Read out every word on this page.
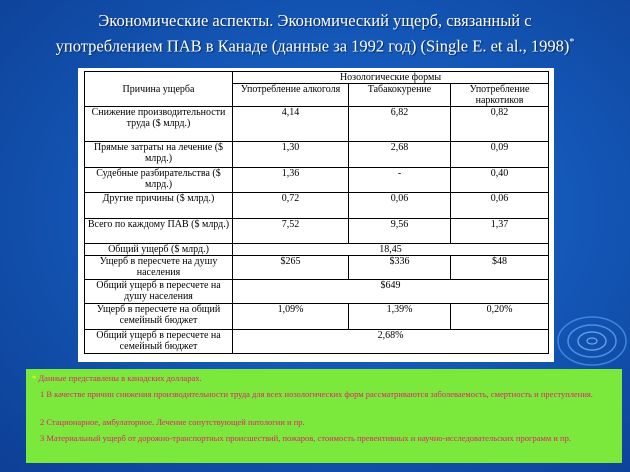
Экономические аспекты. Экономический ущерб, связанный с
употреблением ПАВ в Канаде (данные за 1992 год) (Single E. et al., 1998)*
Причина ущерба	Нозологические формы		
	Употребление алкоголя	Табакокурение	Употребление наркотиков
Снижение производительности труда ($ млрд.)	4,14	6,82	0,82
Прямые затраты на лечение ($ млрд.)	1,30	2,68	0,09
Судебные разбирательства ($ млрд.)	1,36	-	0,40
Другие причины ($ млрд.)	0,72	0,06	0,06
Всего по каждому ПАВ ($ млрд.)	7,52	9,56	1,37
Общий ущерб ($ млрд.)	18,45		
Ущерб в пересчете на душу населения	$265	$336	$48
Общий ущерб в пересчете на душу населения	$649		
Ущерб в пересчете на общий семейный бюджет	1,09%	1,39%	0,20%
Общий ущерб в пересчете на семейный бюджет	2,68%		

* Данные представлены в канадских долларах.

1 В качестве причин снижения производительности труда для всех нозологических форм рассматриваются заболеваемость, смертность и преступления.

2 Стационарное, амбулаторное. Лечение сопутствующей патологии и пр.

3 Материальный ущерб от дорожно-транспортных происшествий, пожаров, стоимость превентивных и научно-исследовательских программ и пр.
